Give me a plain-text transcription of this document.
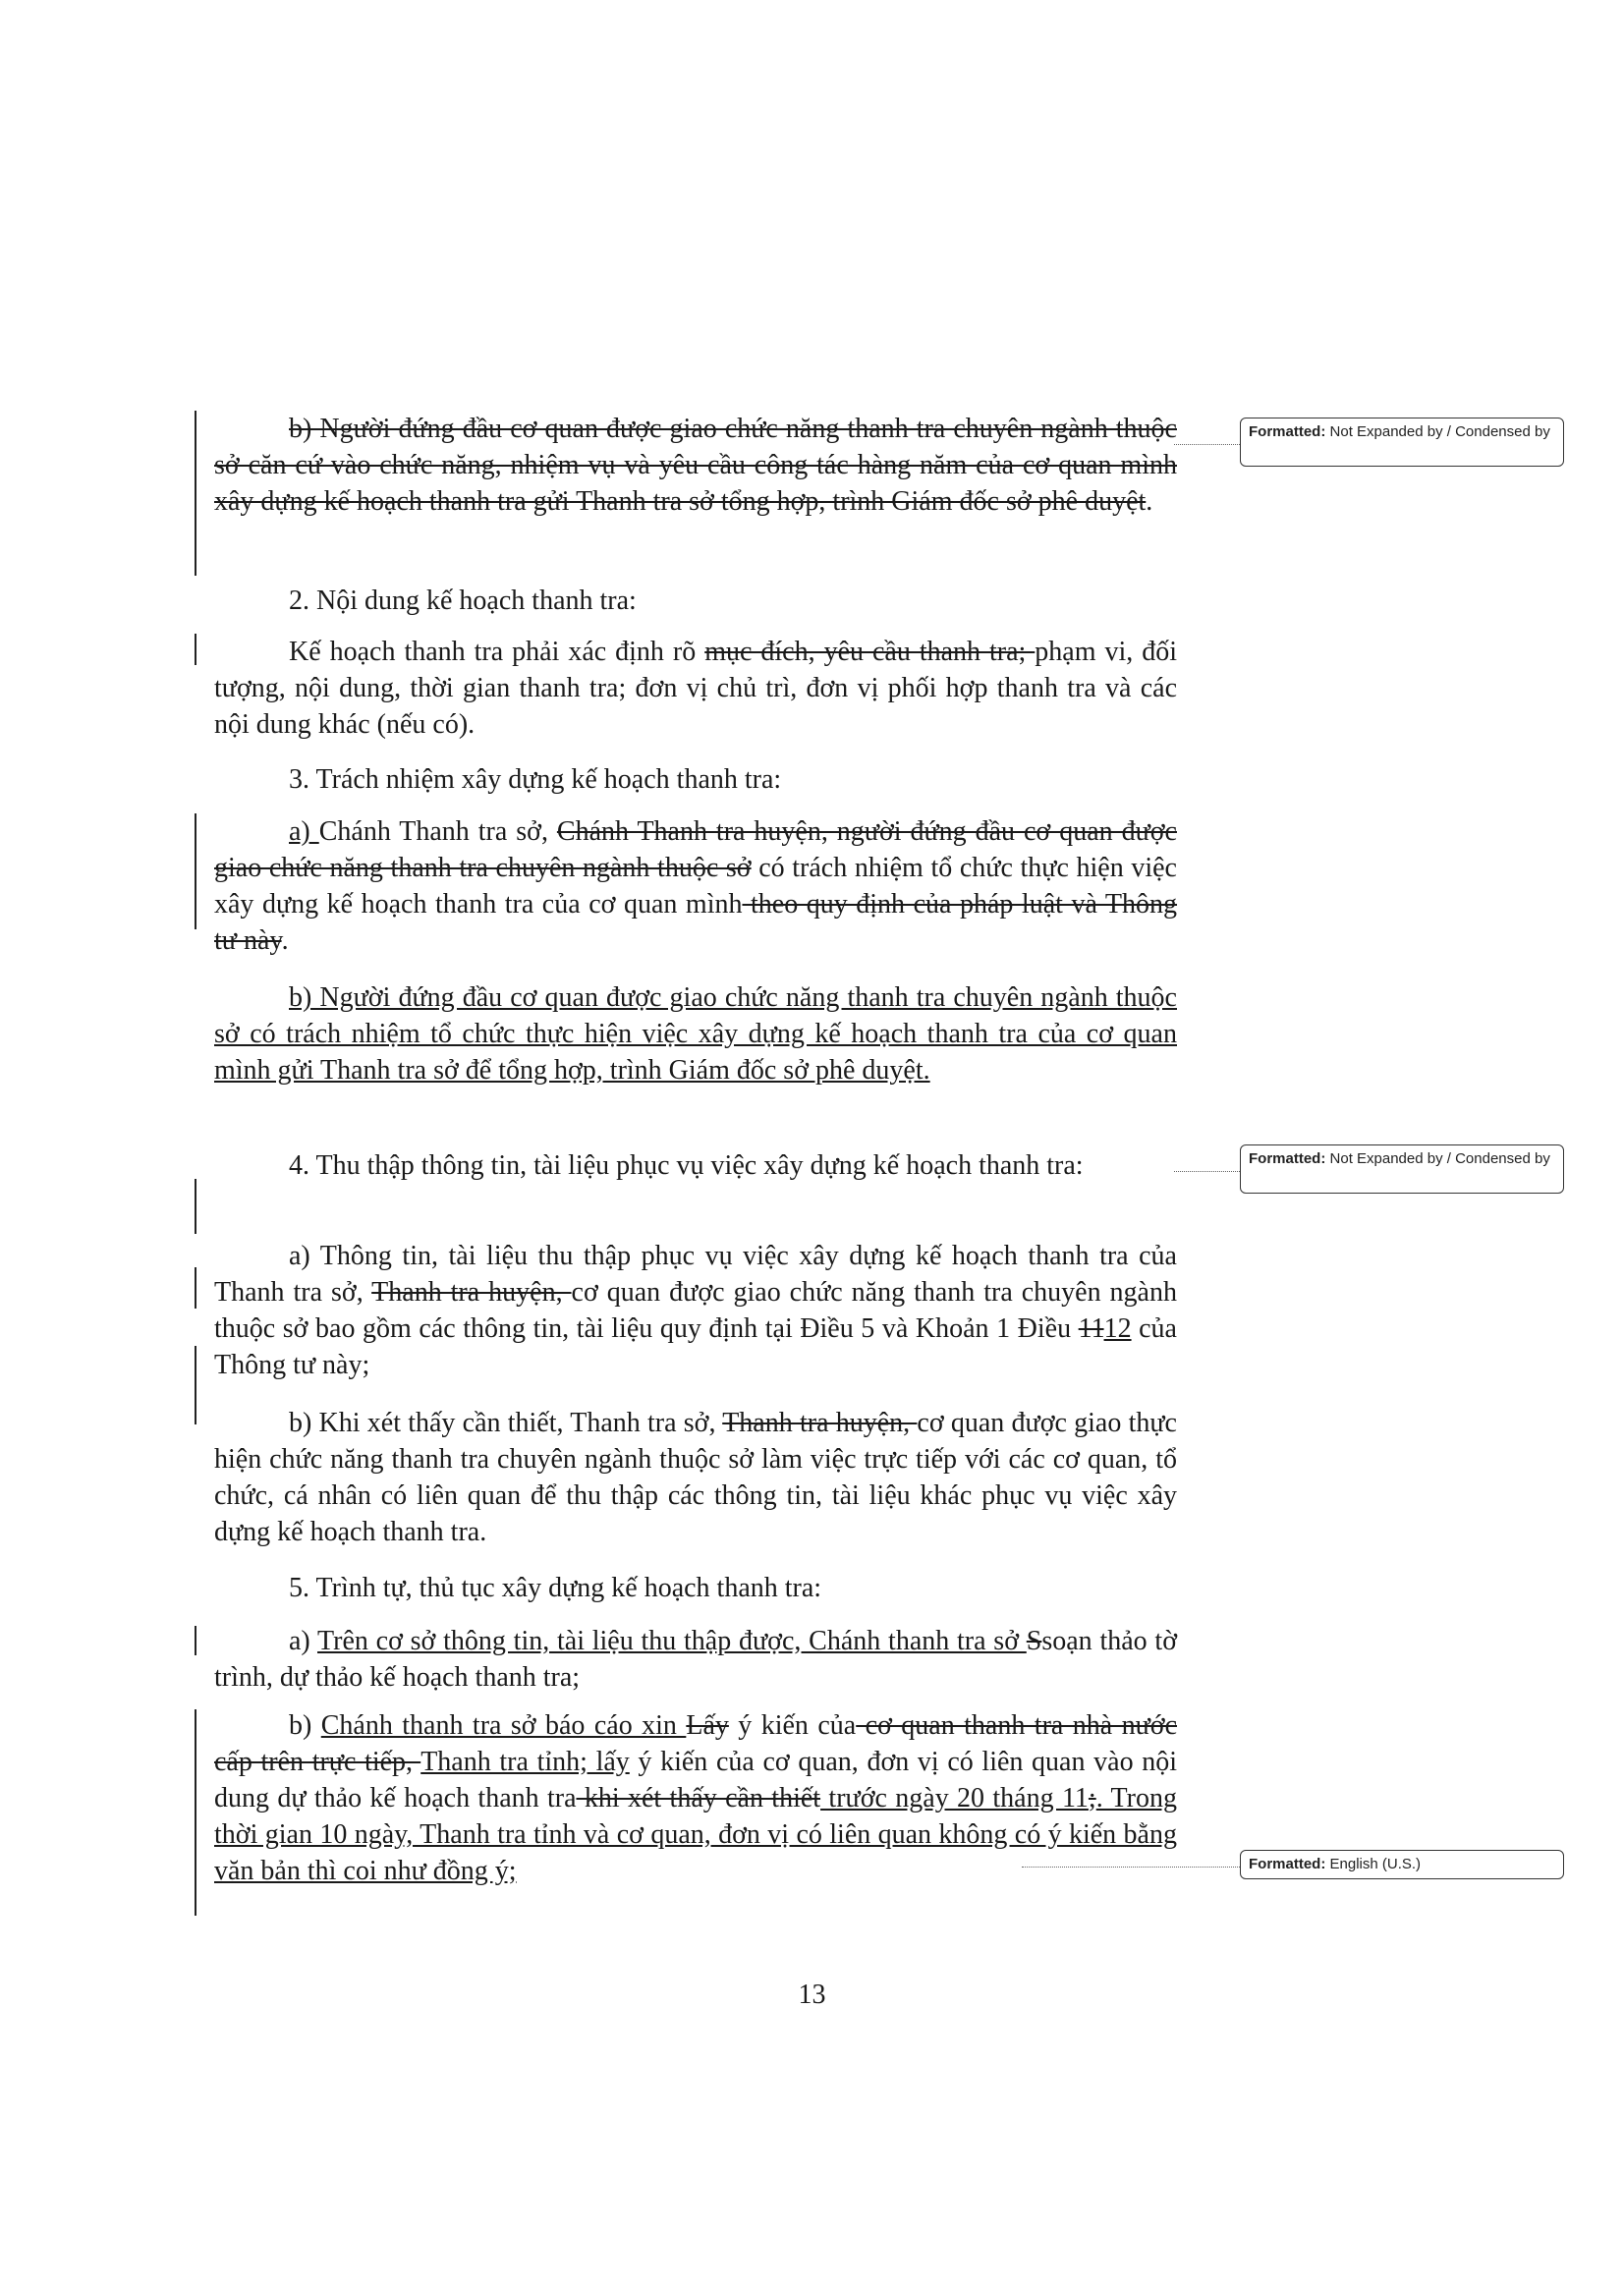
b) Người đứng đầu cơ quan được giao chức năng thanh tra chuyên ngành thuộc sở căn cứ vào chức năng, nhiệm vụ và yêu cầu công tác hàng năm của cơ quan mình xây dựng kế hoạch thanh tra gửi Thanh tra sở tổng hợp, trình Giám đốc sở phê duyệt.

2. Nội dung kế hoạch thanh tra:

Kế hoạch thanh tra phải xác định rõ mục đích, yêu cầu thanh tra; phạm vi, đối tượng, nội dung, thời gian thanh tra; đơn vị chủ trì, đơn vị phối hợp thanh tra và các nội dung khác (nếu có).

3. Trách nhiệm xây dựng kế hoạch thanh tra:

a) Chánh Thanh tra sở, Chánh Thanh tra huyện, người đứng đầu cơ quan được giao chức năng thanh tra chuyên ngành thuộc sở có trách nhiệm tổ chức thực hiện việc xây dựng kế hoạch thanh tra của cơ quan mình theo quy định của pháp luật và Thông tư này.

b) Người đứng đầu cơ quan được giao chức năng thanh tra chuyên ngành thuộc sở có trách nhiệm tổ chức thực hiện việc xây dựng kế hoạch thanh tra của cơ quan mình gửi Thanh tra sở để tổng hợp, trình Giám đốc sở phê duyệt.

4. Thu thập thông tin, tài liệu phục vụ việc xây dựng kế hoạch thanh tra:

a) Thông tin, tài liệu thu thập phục vụ việc xây dựng kế hoạch thanh tra của Thanh tra sở, Thanh tra huyện, cơ quan được giao chức năng thanh tra chuyên ngành thuộc sở bao gồm các thông tin, tài liệu quy định tại Điều 5 và Khoản 1 Điều 1112 của Thông tư này;

b) Khi xét thấy cần thiết, Thanh tra sở, Thanh tra huyện, cơ quan được giao thực hiện chức năng thanh tra chuyên ngành thuộc sở làm việc trực tiếp với các cơ quan, tổ chức, cá nhân có liên quan để thu thập các thông tin, tài liệu khác phục vụ việc xây dựng kế hoạch thanh tra.

5. Trình tự, thủ tục xây dựng kế hoạch thanh tra:

a) Trên cơ sở thông tin, tài liệu thu thập được, Chánh thanh tra sở Ssoạn thảo tờ trình, dự thảo kế hoạch thanh tra;

b) Chánh thanh tra sở báo cáo xin Lấy ý kiến của cơ quan thanh tra nhà nước cấp trên trực tiếp, Thanh tra tỉnh; lấy ý kiến của cơ quan, đơn vị có liên quan vào nội dung dự thảo kế hoạch thanh tra khi xét thấy cần thiết trước ngày 20 tháng 11;. Trong thời gian 10 ngày, Thanh tra tỉnh và cơ quan, đơn vị có liên quan không có ý kiến bằng văn bản thì coi như đồng ý;

Formatted: Not Expanded by / Condensed by
Formatted: Not Expanded by / Condensed by
Formatted: English (U.S.)
13
